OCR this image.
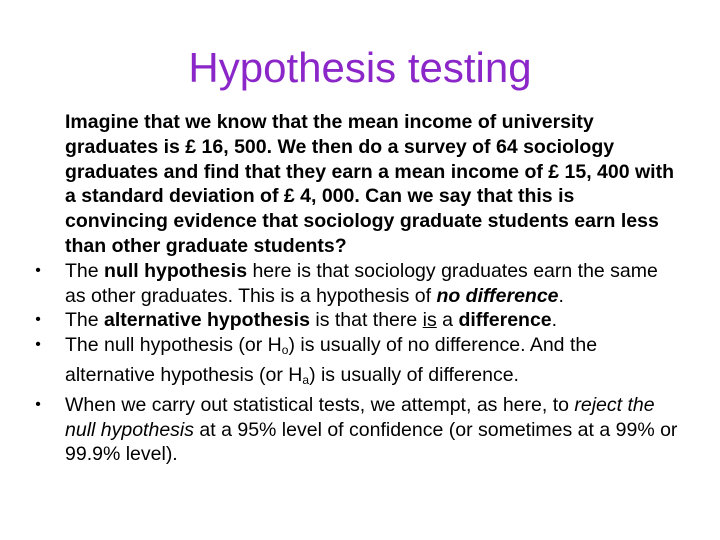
Hypothesis testing

Imagine that we know that the mean income of university graduates is £ 16, 500. We then do a survey of 64 sociology graduates and find that they earn a mean income of £ 15, 400 with a standard deviation of £ 4, 000. Can we say that this is convincing evidence that sociology graduate students earn less than other graduate students?

• The null hypothesis here is that sociology graduates earn the same as other graduates. This is a hypothesis of no difference.

• The alternative hypothesis is that there is a difference.

• The null hypothesis (or $H_o$) is usually of no difference. And the alternative hypothesis (or $H_a$) is usually of difference.

• When we carry out statistical tests, we attempt, as here, to reject the null hypothesis at a 95% level of confidence (or sometimes at a 99% or 99.9% level).
